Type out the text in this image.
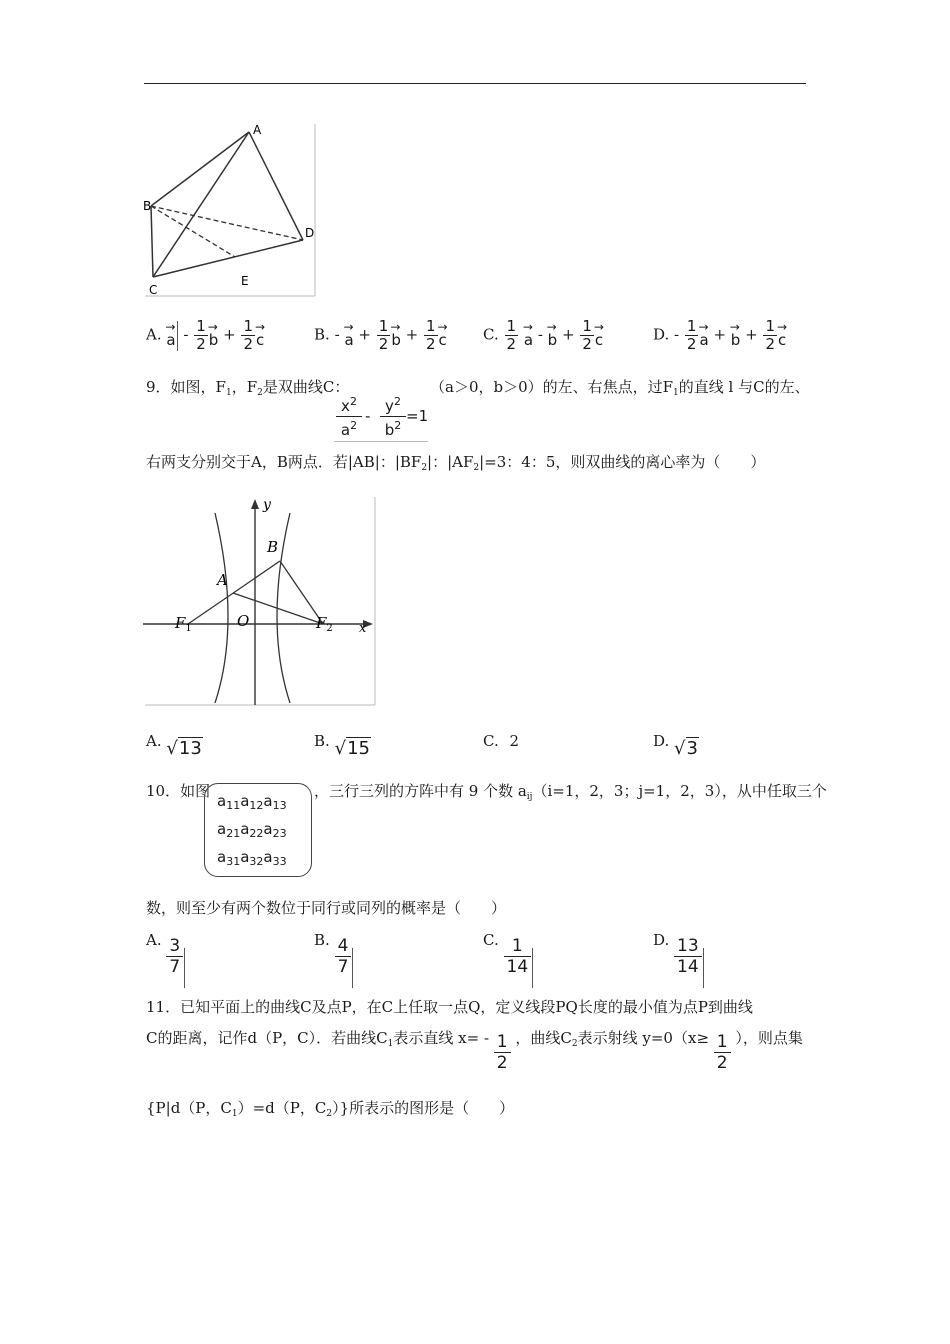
A
B
C
D
E
A. → a - $\frac{1}{2}$
→ $b + \frac{1}{2}$
→ c	B. - → $a + \frac{1}{2}$
→ $b + \frac{1}{2}$
→ c C. $\frac{1}{2}$
→ a - → $b + \frac{1}{2}$
→ c	D. - $\frac{1}{2}$
→ a + → $b + \frac{1}{2}$
→ c
9．如图，$F_1$，$F_2$是双曲线C：
$x^2$
$a^2$
-
$y^2$
$b^2$
=1
（a＞0，b＞0）的左、右焦点，过$F_1$的直线 l 与C的左、
右两支分别交于A，B两点．若|AB|：$|BF_2|$：$|AF_2|=3$：4：5，则双曲线的离心率为（　　）
y
x
B
A
O
$F_1$	$F_2$
A. √13	B. √15	C. 2	D. √3
10．如图
$a_{11}a_{12}a_{13}$
$a_{21}a_{22}a_{23}$
$a_{31}a_{32}a_{33}$
，三行三列的方阵中有 9 个数 $a_{ij}(i=1$，2，3；j=1，2，3），从中任取三个
数，则至少有两个数位于同行或同列的概率是（　　）
A. $\frac{3}{7}$	B. $\frac{4}{7}$	C. $\frac{1}{14}$	D. $\frac{13}{14}$
11．已知平面上的曲线C及点P，在C上任取一点Q，定义线段PQ长度的最小值为点P到曲线
C的距离，记作d（P，C）．若曲线$C_1$表示直线 $x= - \frac{1}{2}$ ，曲线$C_2$表示射线 $y=0(x\ge \frac{1}{2}$ ），则点集
{P|d（P，$C_1)=d(P$，$C_2$）}所表示的图形是（　　）
